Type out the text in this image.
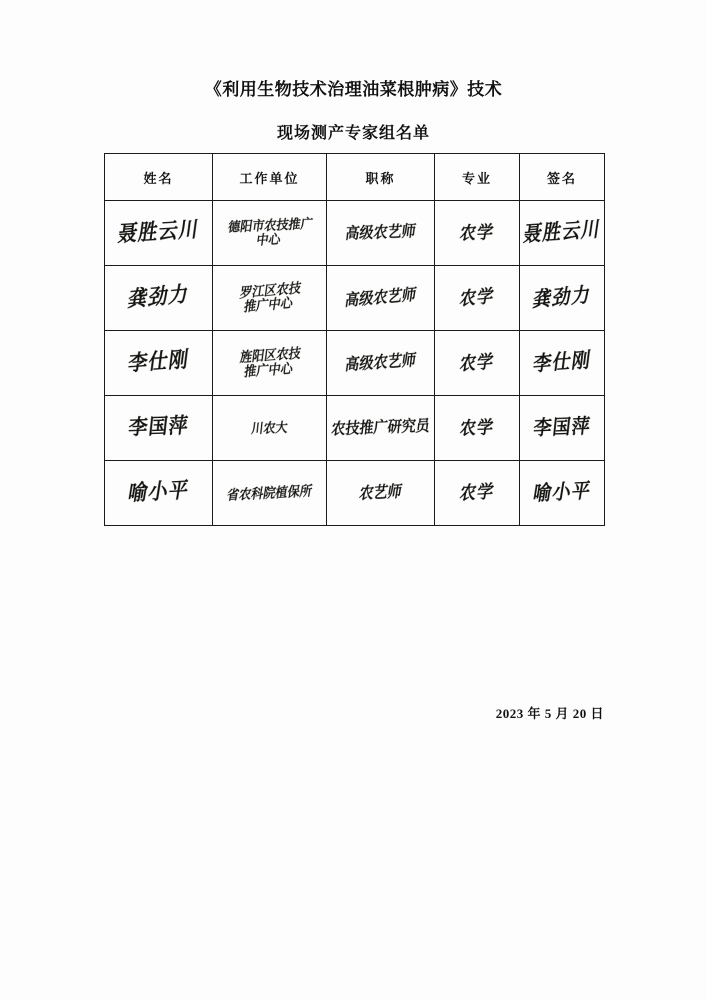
《利用生物技术治理油菜根肿病》技术
现场测产专家组名单
姓名	工作单位	职称	专业	签名

聂胜云川	德阳市农技推广
中心	高级农艺师	农学	聂胜云川

龚劲力	罗江区农技
推广中心	高级农艺师	农学	龚劲力

李仕刚	旌阳区农技
推广中心	高级农艺师	农学	李仕刚

李国萍	川农大	农技推广研究员	农学	李国萍

喻小平	省农科院植保所	农艺师	农学	喻小平
2023 年 5 月 20 日
